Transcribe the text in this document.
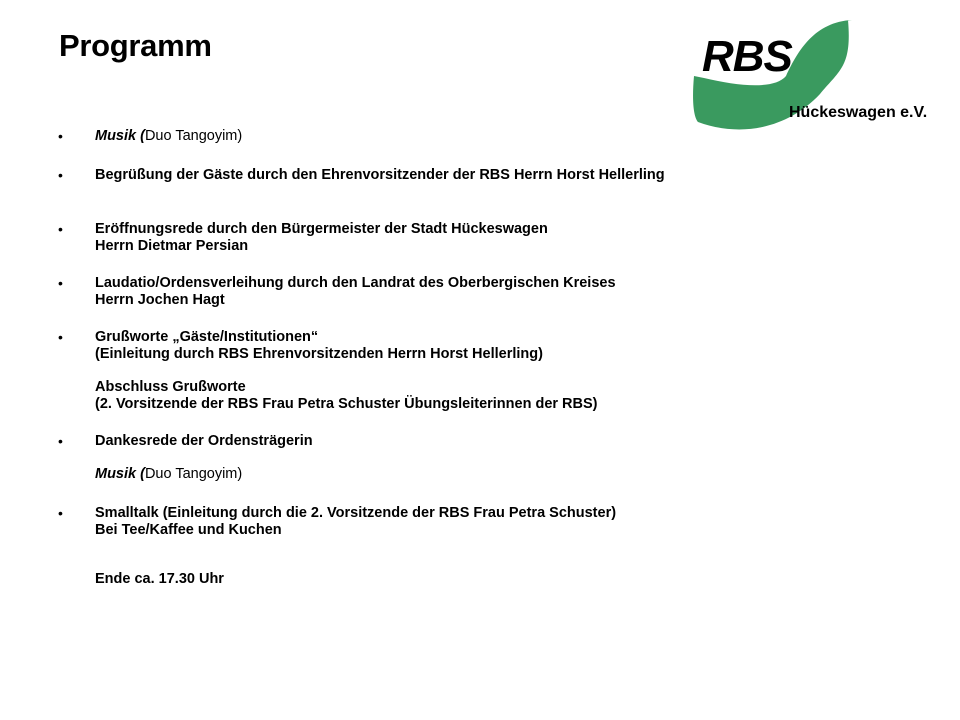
Programm	RBS
Hückeswagen e.V.
• Musik (Duo Tangoyim)
• Begrüßung der Gäste durch den Ehrenvorsitzender der RBS Herrn Horst Hellerling
• Eröffnungsrede durch den Bürgermeister der Stadt Hückeswagen
Herrn Dietmar Persian
• Laudatio/Ordensverleihung durch den Landrat des Oberbergischen Kreises
Herrn Jochen Hagt
• Grußworte „Gäste/Institutionen“
(Einleitung durch RBS Ehrenvorsitzenden Herrn Horst Hellerling)
Abschluss Grußworte
(2. Vorsitzende der RBS Frau Petra Schuster Übungsleiterinnen der RBS)
• Dankesrede der Ordensträgerin
Musik (Duo Tangoyim)
• Smalltalk (Einleitung durch die 2. Vorsitzende der RBS Frau Petra Schuster)
Bei Tee/Kaffee und Kuchen
Ende ca. 17.30 Uhr
